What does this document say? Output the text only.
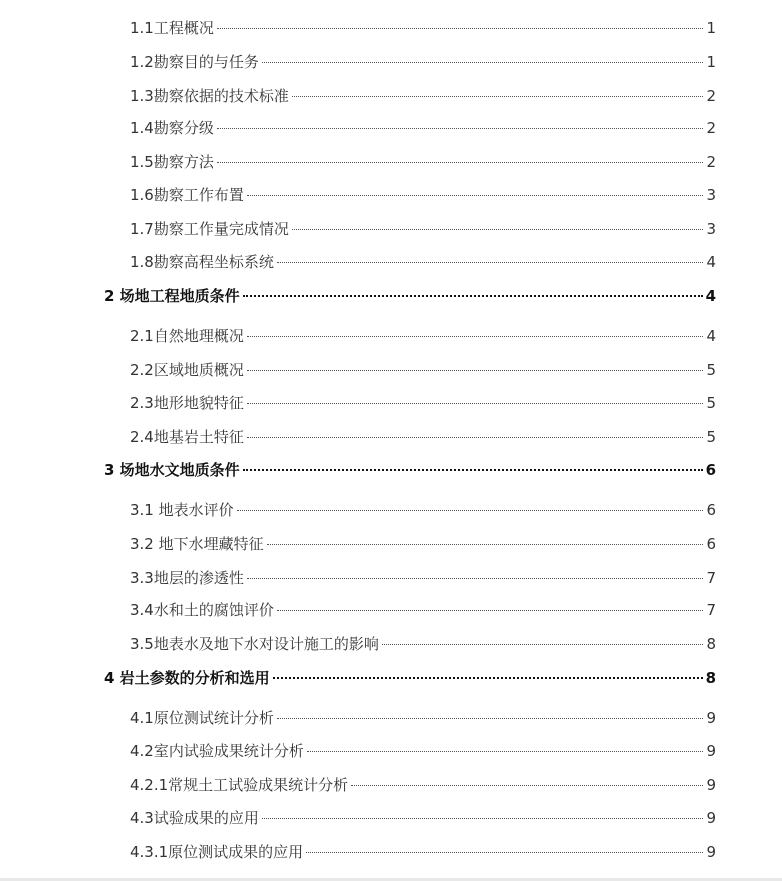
1.1工程概况	1
1.2勘察目的与任务	1
1.3勘察依据的技术标准	2
1.4勘察分级	2
1.5勘察方法	2
1.6勘察工作布置	3
1.7勘察工作量完成情况	3
1.8勘察高程坐标系统	4
2 场地工程地质条件	4
2.1自然地理概况	4
2.2区域地质概况	5
2.3地形地貌特征	5
2.4地基岩土特征	5
3 场地水文地质条件	6
3.1 地表水评价	6
3.2 地下水埋藏特征	6
3.3地层的渗透性	7
3.4水和土的腐蚀评价	7
3.5地表水及地下水对设计施工的影响	8
4 岩土参数的分析和选用	8
4.1原位测试统计分析	9
4.2室内试验成果统计分析	9
4.2.1常规土工试验成果统计分析	9
4.3试验成果的应用	9
4.3.1原位测试成果的应用	9
